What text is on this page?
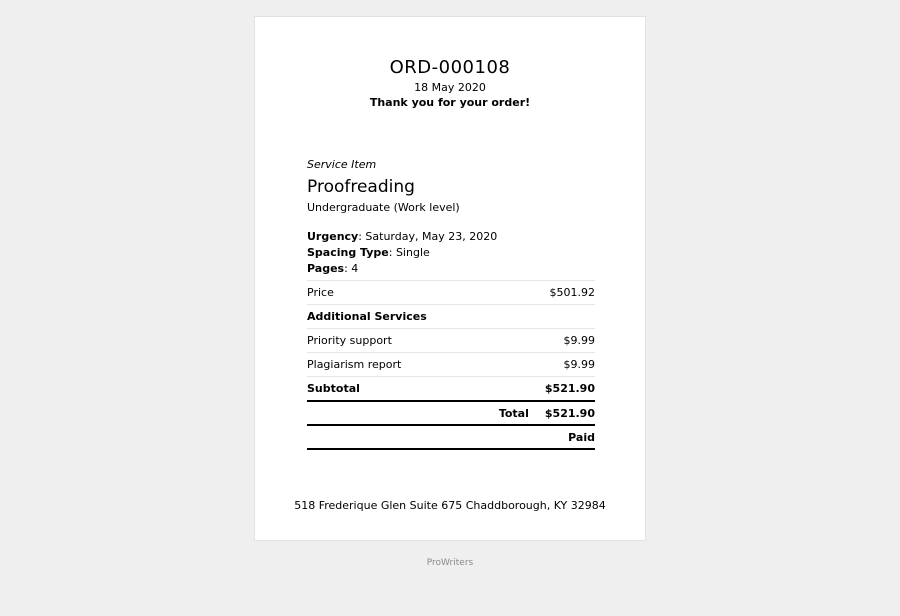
ORD-000108
18 May 2020
Thank you for your order!
Service Item
Proofreading
Undergraduate (Work level)
Urgency: Saturday, May 23, 2020
Spacing Type: Single
Pages: 4
Price	$501.92
Additional Services	
Priority support	$9.99
Plagiarism report	$9.99
Subtotal	$521.90
Total $521.90	
Paid	
518 Frederique Glen Suite 675 Chaddborough, KY 32984
ProWriters
